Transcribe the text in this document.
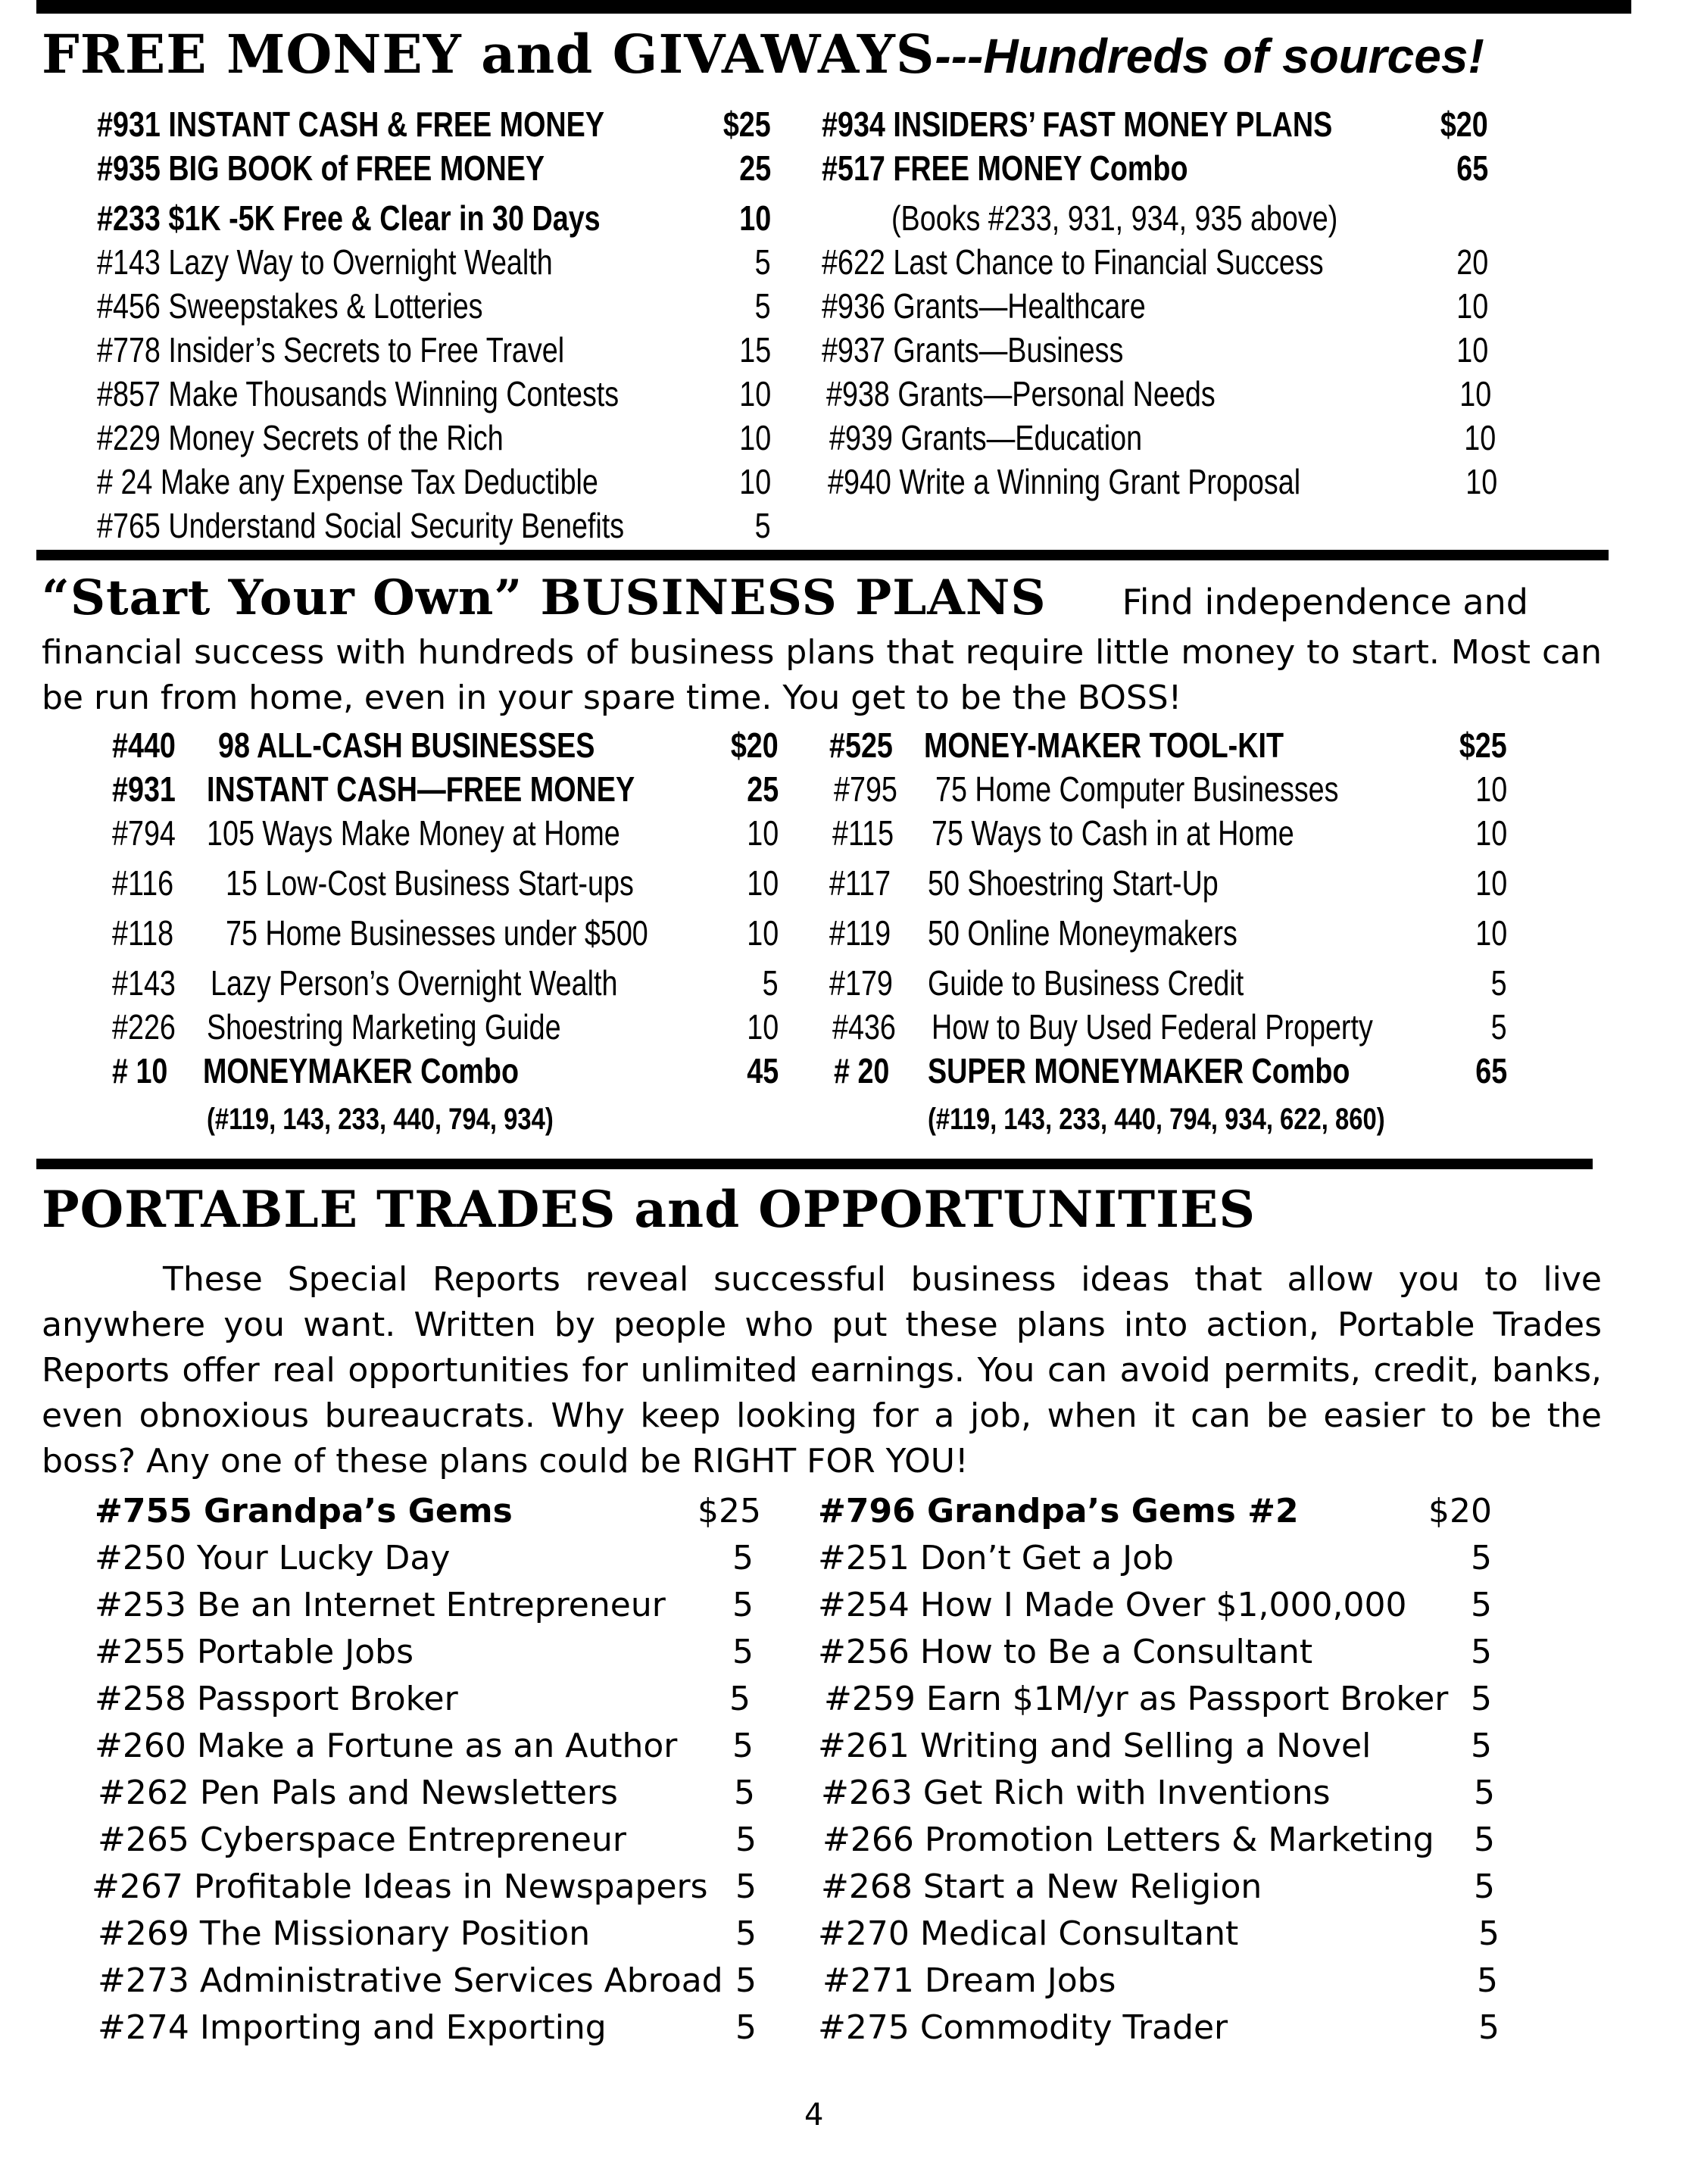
FREE MONEY and GIVAWAYS---Hundreds of sources!
#931 INSTANT CASH & FREE MONEY	$25
#935 BIG BOOK of FREE MONEY	25
#233 $1K -5K Free & Clear in 30 Days	10
#143 Lazy Way to Overnight Wealth	5
#456 Sweepstakes & Lotteries	5
#778 Insider’s Secrets to Free Travel	15
#857 Make Thousands Winning Contests	10
#229 Money Secrets of the Rich	10
# 24 Make any Expense Tax Deductible	10
#765 Understand Social Security Benefits	5
#934 INSIDERS’ FAST MONEY PLANS	$20
#517 FREE MONEY Combo	65
(Books #233, 931, 934, 935 above)
#622 Last Chance to Financial Success	20
#936 Grants—Healthcare	10
#937 Grants—Business	10
#938 Grants—Personal Needs	10
#939 Grants—Education	10
#940 Write a Winning Grant Proposal	10
“Start Your Own” BUSINESS PLANS Find independence and
financial success with hundreds of business plans that require little money to start. Most can be run from home, even in your spare time. You get to be the BOSS!
#440 98 ALL-CASH BUSINESSES	$20
#931 INSTANT CASH—FREE MONEY	25
#794 105 Ways Make Money at Home	10
#116 15 Low-Cost Business Start-ups	10
#118 75 Home Businesses under $500	10
#143 Lazy Person’s Overnight Wealth	5
#226 Shoestring Marketing Guide	10
# 10 MONEYMAKER Combo	45
(#119, 143, 233, 440, 794, 934)
#525 MONEY-MAKER TOOL-KIT	$25
#795 75 Home Computer Businesses	10
#115 75 Ways to Cash in at Home	10
#117 50 Shoestring Start-Up	10
#119 50 Online Moneymakers	10
#179 Guide to Business Credit	5
#436 How to Buy Used Federal Property	5
# 20 SUPER MONEYMAKER Combo	65
(#119, 143, 233, 440, 794, 934, 622, 860)
PORTABLE TRADES and OPPORTUNITIES
These Special Reports reveal successful business ideas that allow you to live anywhere you want. Written by people who put these plans into action, Portable Trades Reports offer real opportunities for unlimited earnings. You can avoid permits, credit, banks, even obnoxious bureaucrats. Why keep looking for a job, when it can be easier to be the boss? Any one of these plans could be RIGHT FOR YOU!
#755 Grandpa’s Gems	$25
#250 Your Lucky Day	5
#253 Be an Internet Entrepreneur 5
#255 Portable Jobs	5
#258 Passport Broker	5
#260 Make a Fortune as an Author 5
#262 Pen Pals and Newsletters	5
#265 Cyberspace Entrepreneur	5
#267 Profitable Ideas in Newspapers 5
#269 The Missionary Position	5
#273 Administrative Services Abroad 5
#274 Importing and Exporting	5
#796 Grandpa’s Gems #2	$20
#251 Don’t Get a Job	5
#254 How I Made Over $1,000,000 5
#256 How to Be a Consultant	5
#259 Earn $1M/yr as Passport Broker 5
#261 Writing and Selling a Novel	5
#263 Get Rich with Inventions	5
#266 Promotion Letters & Marketing 5
#268 Start a New Religion	5
#270 Medical Consultant	5
#271 Dream Jobs	5
#275 Commodity Trader	5
4
